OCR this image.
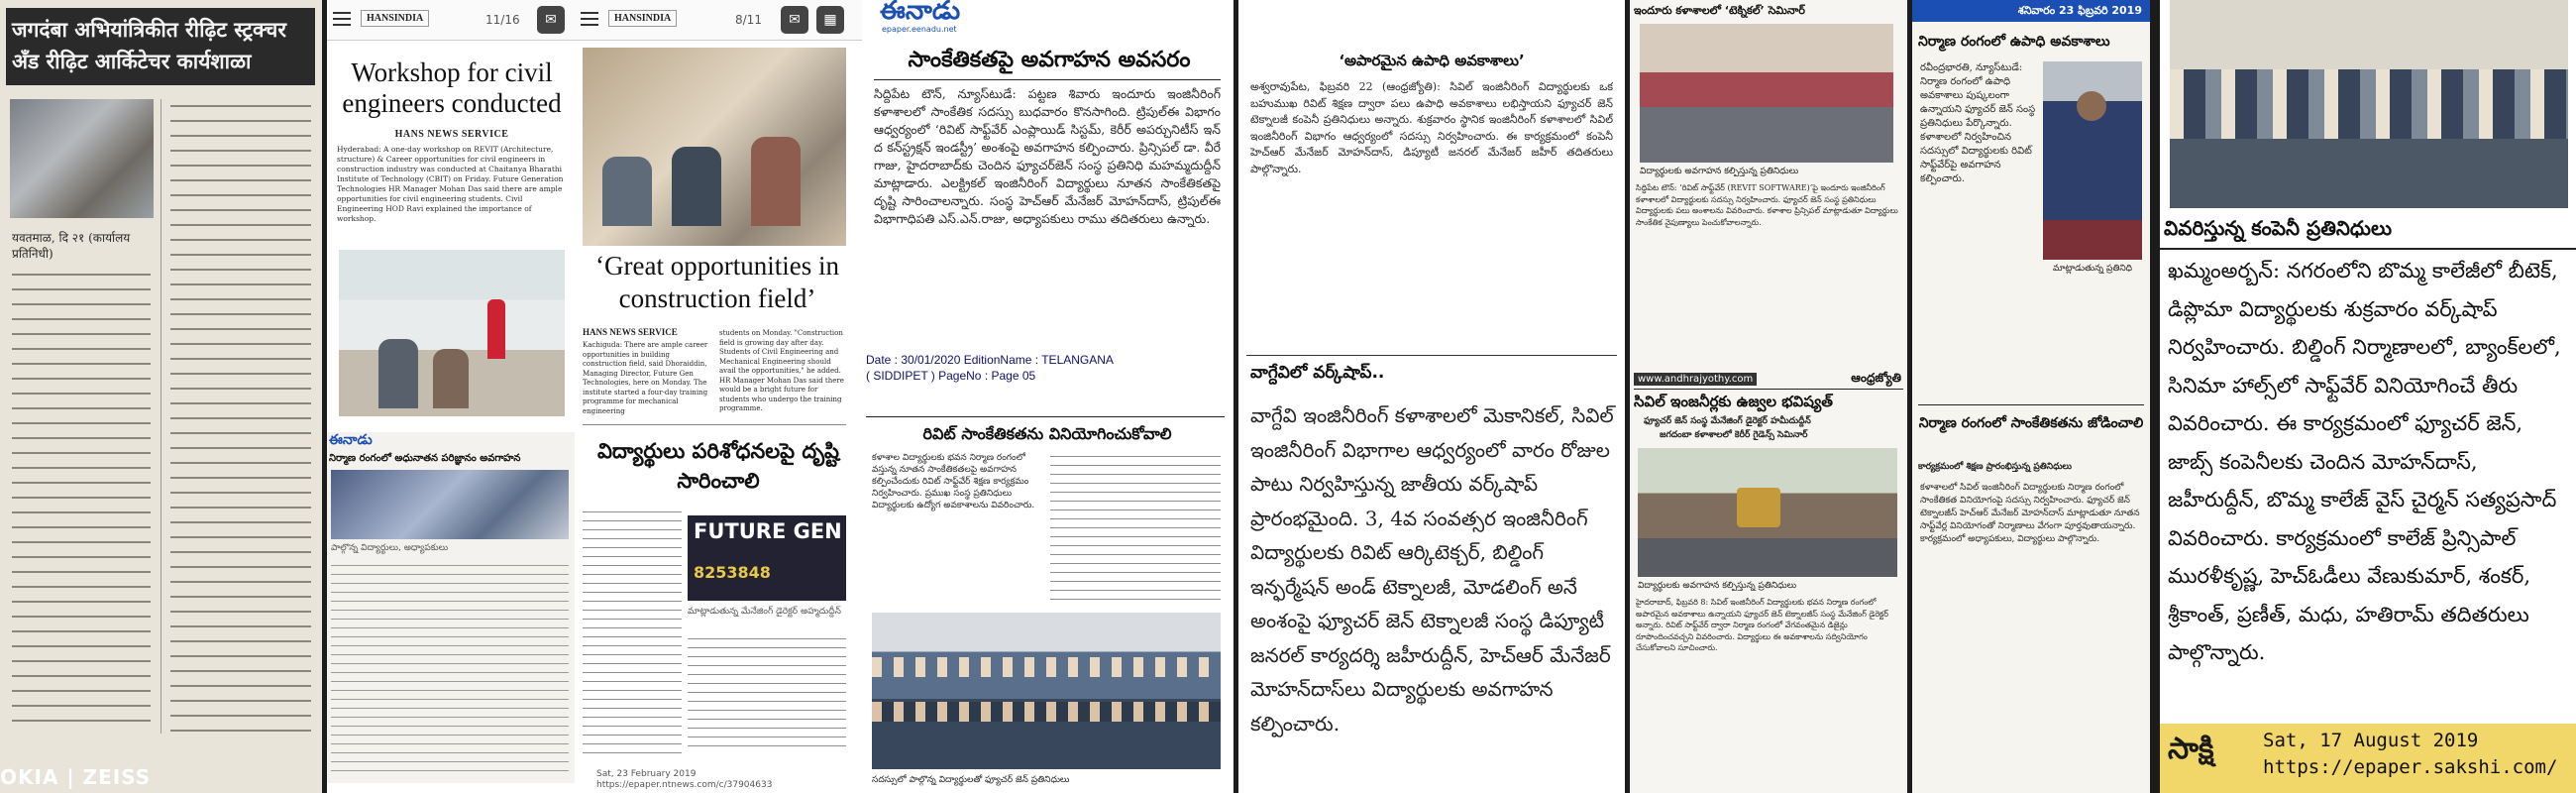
जगदंबा अभियांत्रिकीत रीढ़िट स्ट्रक्चर अँड रीढ़िट आर्किटेचर कार्यशाळा
यवतमाळ, दि २१ (कार्यालय प्रतिनिधी)
OKIA | ZEISS
HANSINDIA	11/16	✉
Workshop for civil engineers conducted
HANS NEWS SERVICE
Hyderabad: A one-day workshop on REVIT (Architecture, structure) & Career opportunities for civil engineers in construction industry was conducted at Chaitanya Bharathi Institute of Technology (CBIT) on Friday. Future Generation Technologies HR Manager Mohan Das said there are ample opportunities for civil engineering students. Civil Engineering HOD Ravi explained the importance of workshop.
ఈనాడు
నిర్మాణ రంగంలో అధునాతన పరిజ్ఞానం అవగాహన
పాల్గొన్న విద్యార్థులు, అధ్యాపకులు
HANSINDIA	8/11	✉	▦
‘Great opportunities in construction field’
HANS NEWS SERVICE
Kachiguda: There are ample career opportunities in building construction field, said Dhoraiddin, Managing Director, Future Gen Technologies, here on Monday. The institute started a four-day training programme for mechanical engineering
students on Monday. "Construction field is growing day after day. Students of Civil Engineering and Mechanical Engineering should avail the opportunities," he added. HR Manager Mohan Das said there would be a bright future for students who undergo the training programme.
విద్యార్థులు పరిశోధనలపై దృష్టి సారించాలి
FUTURE GEN
8253848
మాట్లాడుతున్న మేనేజింగ్ డైరెక్టర్ అహ్మదుద్దీన్
Sat, 23 February 2019
https://epaper.ntnews.com/c/37904633
ఈనాడు
epaper.eenadu.net
సాంకేతికతపై అవగాహన అవసరం
సిద్దిపేట టౌన్, న్యూస్‌టుడే: పట్టణ శివారు ఇందూరు ఇంజినీరింగ్ కళాశాలలో సాంకేతిక సదస్సు బుధవారం కొనసాగింది. ట్రిపుల్‌ఈ విభాగం ఆధ్వర్యంలో ‘రివిట్ సాఫ్ట్‌వేర్ ఎంప్లాయిడ్ సిస్టమ్, కెరీర్ అపర్చునిటీస్ ఇన్ ద కన్‌స్ట్రక్షన్ ఇండస్ట్రీ’ అంశంపై అవగాహన కల్పించారు. ప్రిన్సిపల్ డా. వీరే గాజు, హైదరాబాద్‌కు చెందిన ఫ్యూచర్‌జెన్ సంస్థ ప్రతినిధి మహమ్మదుద్దీన్ మాట్లాడారు. ఎలక్ట్రికల్ ఇంజినీరింగ్ విద్యార్థులు నూతన సాంకేతికతపై ద‌ృష్టి సారించాలన్నారు. సంస్థ హెచ్‌ఆర్ మేనేజర్ మోహన్‌దాస్, ట్రిపుల్‌ఈ విభాగాధిపతి ఎస్.ఎన్.రాజు, అధ్యాపకులు రాము తదితరులు ఉన్నారు.
Date : 30/01/2020 EditionName : TELANGANA
( SIDDIPET ) PageNo : Page 05
రివిట్ సాంకేతికతను వినియోగించుకోవాలి
కళాశాల విద్యార్థులకు భవన నిర్మాణ రంగంలో వస్తున్న నూతన సాంకేతికతలపై అవగాహన కల్పించేందుకు రివిట్ సాఫ్ట్‌వేర్ శిక్షణ కార్యక్రమం నిర్వహించారు. ప్రముఖ సంస్థ ప్రతినిధులు విద్యార్థులకు ఉద్యోగ అవకాశాలను వివరించారు.
సదస్సులో పాల్గొన్న విద్యార్థులతో ఫ్యూచర్ జెన్ ప్రతినిధులు
‘అపారమైన ఉపాధి అవకాశాలు’
అశ్వరావుపేట, ఫిబ్రవరి 22 (ఆంధ్రజ్యోతి): సివిల్ ఇంజినీరింగ్ విద్యార్థులకు ఒక బహుముఖ రివిట్ శిక్షణ ద్వారా పలు ఉపాధి అవకాశాలు లభిస్తాయని ఫ్యూచర్ జెన్ టెక్నాలజీ కంపెనీ ప్రతినిధులు అన్నారు. శుక్రవారం స్థానిక ఇంజినీరింగ్ కళాశాలలో సివిల్ ఇంజినీరింగ్ విభాగం ఆధ్వర్యంలో సదస్సు నిర్వహించారు. ఈ కార్యక్రమంలో కంపెనీ హెచ్‌ఆర్ మేనేజర్ మోహన్‌దాస్, డిప్యూటీ జనరల్ మేనేజర్ జహీర్ తదితరులు పాల్గొన్నారు.
వాగ్దేవిలో వర్క్‌షాప్..
వాగ్దేవి ఇంజినీరింగ్ కళాశాలలో మెకానికల్, సివిల్ ఇంజినీరింగ్ విభాగాల ఆధ్వర్యంలో వారం రోజుల పాటు నిర్వహిస్తున్న జాతీయ వర్క్‌షాప్ ప్రారంభమైంది. 3, 4వ సంవత్సర ఇంజినీరింగ్ విద్యార్థులకు రివిట్ ఆర్కిటెక్చర్, బిల్డింగ్ ఇన్ఫర్మేషన్ అండ్ టెక్నాలజీ, మోడలింగ్ అనే అంశంపై ఫ్యూచర్ జెన్ టెక్నాలజీ సంస్థ డిప్యూటీ జనరల్ కార్యదర్శి జహీరుద్దీన్, హెచ్‌ఆర్ మేనేజర్ మోహన్‌దాస్‌లు విద్యార్థులకు అవగాహన కల్పించారు.
ఇందూరు కళాశాలలో ‘టెక్నికల్’ సెమినార్
విద్యార్థులకు అవగాహన కల్పిస్తున్న ప్రతినిధులు
సిద్దిపేట టౌన్: ‘రివిట్ సాఫ్ట్‌వేర్ (REVIT SOFTWARE)’పై ఇందూరు ఇంజినీరింగ్ కళాశాలలో విద్యార్థులకు సదస్సు నిర్వహించారు. ఫ్యూచర్ జెన్ సంస్థ ప్రతినిధులు విద్యార్థులకు పలు అంశాలను వివరించారు. కళాశాల ప్రిన్సిపల్ మాట్లాడుతూ విద్యార్థులు సాంకేతిక నైపుణ్యాలు పెంచుకోవాలన్నారు.
www.andhrajyothy.com	ఆంధ్రజ్యోతి
సివిల్ ఇంజనీర్లకు ఉజ్వల భవిష్యత్
ఫ్యూచర్ జెన్ సంస్థ మేనేజింగ్ డైరెక్టర్ హమీదుద్దీన్
జగదంబా కళాశాలలో కెరీర్ గైడెన్స్ సెమినార్
విద్యార్థులకు అవగాహన కల్పిస్తున్న ప్రతినిధులు
హైదరాబాద్, ఫిబ్రవరి 8: సివిల్ ఇంజినీరింగ్ విద్యార్థులకు భవన నిర్మాణ రంగంలో అపారమైన అవకాశాలు ఉన్నాయని ఫ్యూచర్ జెన్ టెక్నాలజీస్ సంస్థ మేనేజింగ్ డైరెక్టర్ అన్నారు. రివిట్ సాఫ్ట్‌వేర్ ద్వారా నిర్మాణ రంగంలో వేగవంతమైన డిజైన్లు రూపొందించవచ్చని వివరించారు. విద్యార్థులు ఈ అవకాశాలను సద్వినియోగం చేసుకోవాలని సూచించారు.
శనివారం 23 ఫిబ్రవరి 2019
నిర్మాణ రంగంలో ఉపాధి అవకాశాలు
రవీంద్రభారతి, న్యూస్‌టుడే: నిర్మాణ రంగంలో ఉపాధి అవకాశాలు పుష్కలంగా ఉన్నాయని ఫ్యూచర్ జెన్ సంస్థ ప్రతినిధులు పేర్కొన్నారు. కళాశాలలో నిర్వహించిన సదస్సులో విద్యార్థులకు రివిట్ సాఫ్ట్‌వేర్‌పై అవగాహన కల్పించారు.
మాట్లాడుతున్న ప్రతినిధి
నిర్మాణ రంగంలో సాంకేతికతను జోడించాలి
కార్యక్రమంలో శిక్షణ ప్రారంభిస్తున్న ప్రతినిధులు
కళాశాలలో సివిల్ ఇంజినీరింగ్ విద్యార్థులకు నిర్మాణ రంగంలో సాంకేతికత వినియోగంపై సదస్సు నిర్వహించారు. ఫ్యూచర్ జెన్ టెక్నాలజీస్ హెచ్‌ఆర్ మేనేజర్ మోహన్‌దాస్ మాట్లాడుతూ నూతన సాఫ్ట్‌వేర్ల వినియోగంతో నిర్మాణాలు వేగంగా పూర్తవుతాయన్నారు. కార్యక్రమంలో అధ్యాపకులు, విద్యార్థులు పాల్గొన్నారు.
వివరిస్తున్న కంపెనీ ప్రతినిధులు
ఖమ్మంఅర్బన్: నగరంలోని బొమ్మ కాలేజీలో బీటెక్, డిప్లొమా విద్యార్థులకు శుక్రవారం వర్క్‌షాప్ నిర్వహించారు. బిల్డింగ్ నిర్మాణాలలో, బ్యాంక్‌లలో, సినిమా హాల్స్‌లో సాఫ్ట్‌వేర్ వినియోగించే తీరు వివరించారు. ఈ కార్యక్రమంలో ఫ్యూచర్ జెన్, జాబ్స్ కంపెనీలకు చెందిన మోహన్‌దాస్, జహీరుద్దీన్, బొమ్మ కాలేజ్ వైస్ చైర్మన్ సత్యప్రసాద్ వివరించారు. కార్యక్రమంలో కాలేజ్ ప్రిన్సిపాల్ మురళీకృష్ణ, హెచ్‌ఓడీలు వేణుకుమార్, శంకర్, శ్రీకాంత్, ప్రణీత్, మధు, హతిరామ్ తదితరులు పాల్గొన్నారు.
సాక్షి	Sat, 17 August 2019
https://epaper.sakshi.com/
